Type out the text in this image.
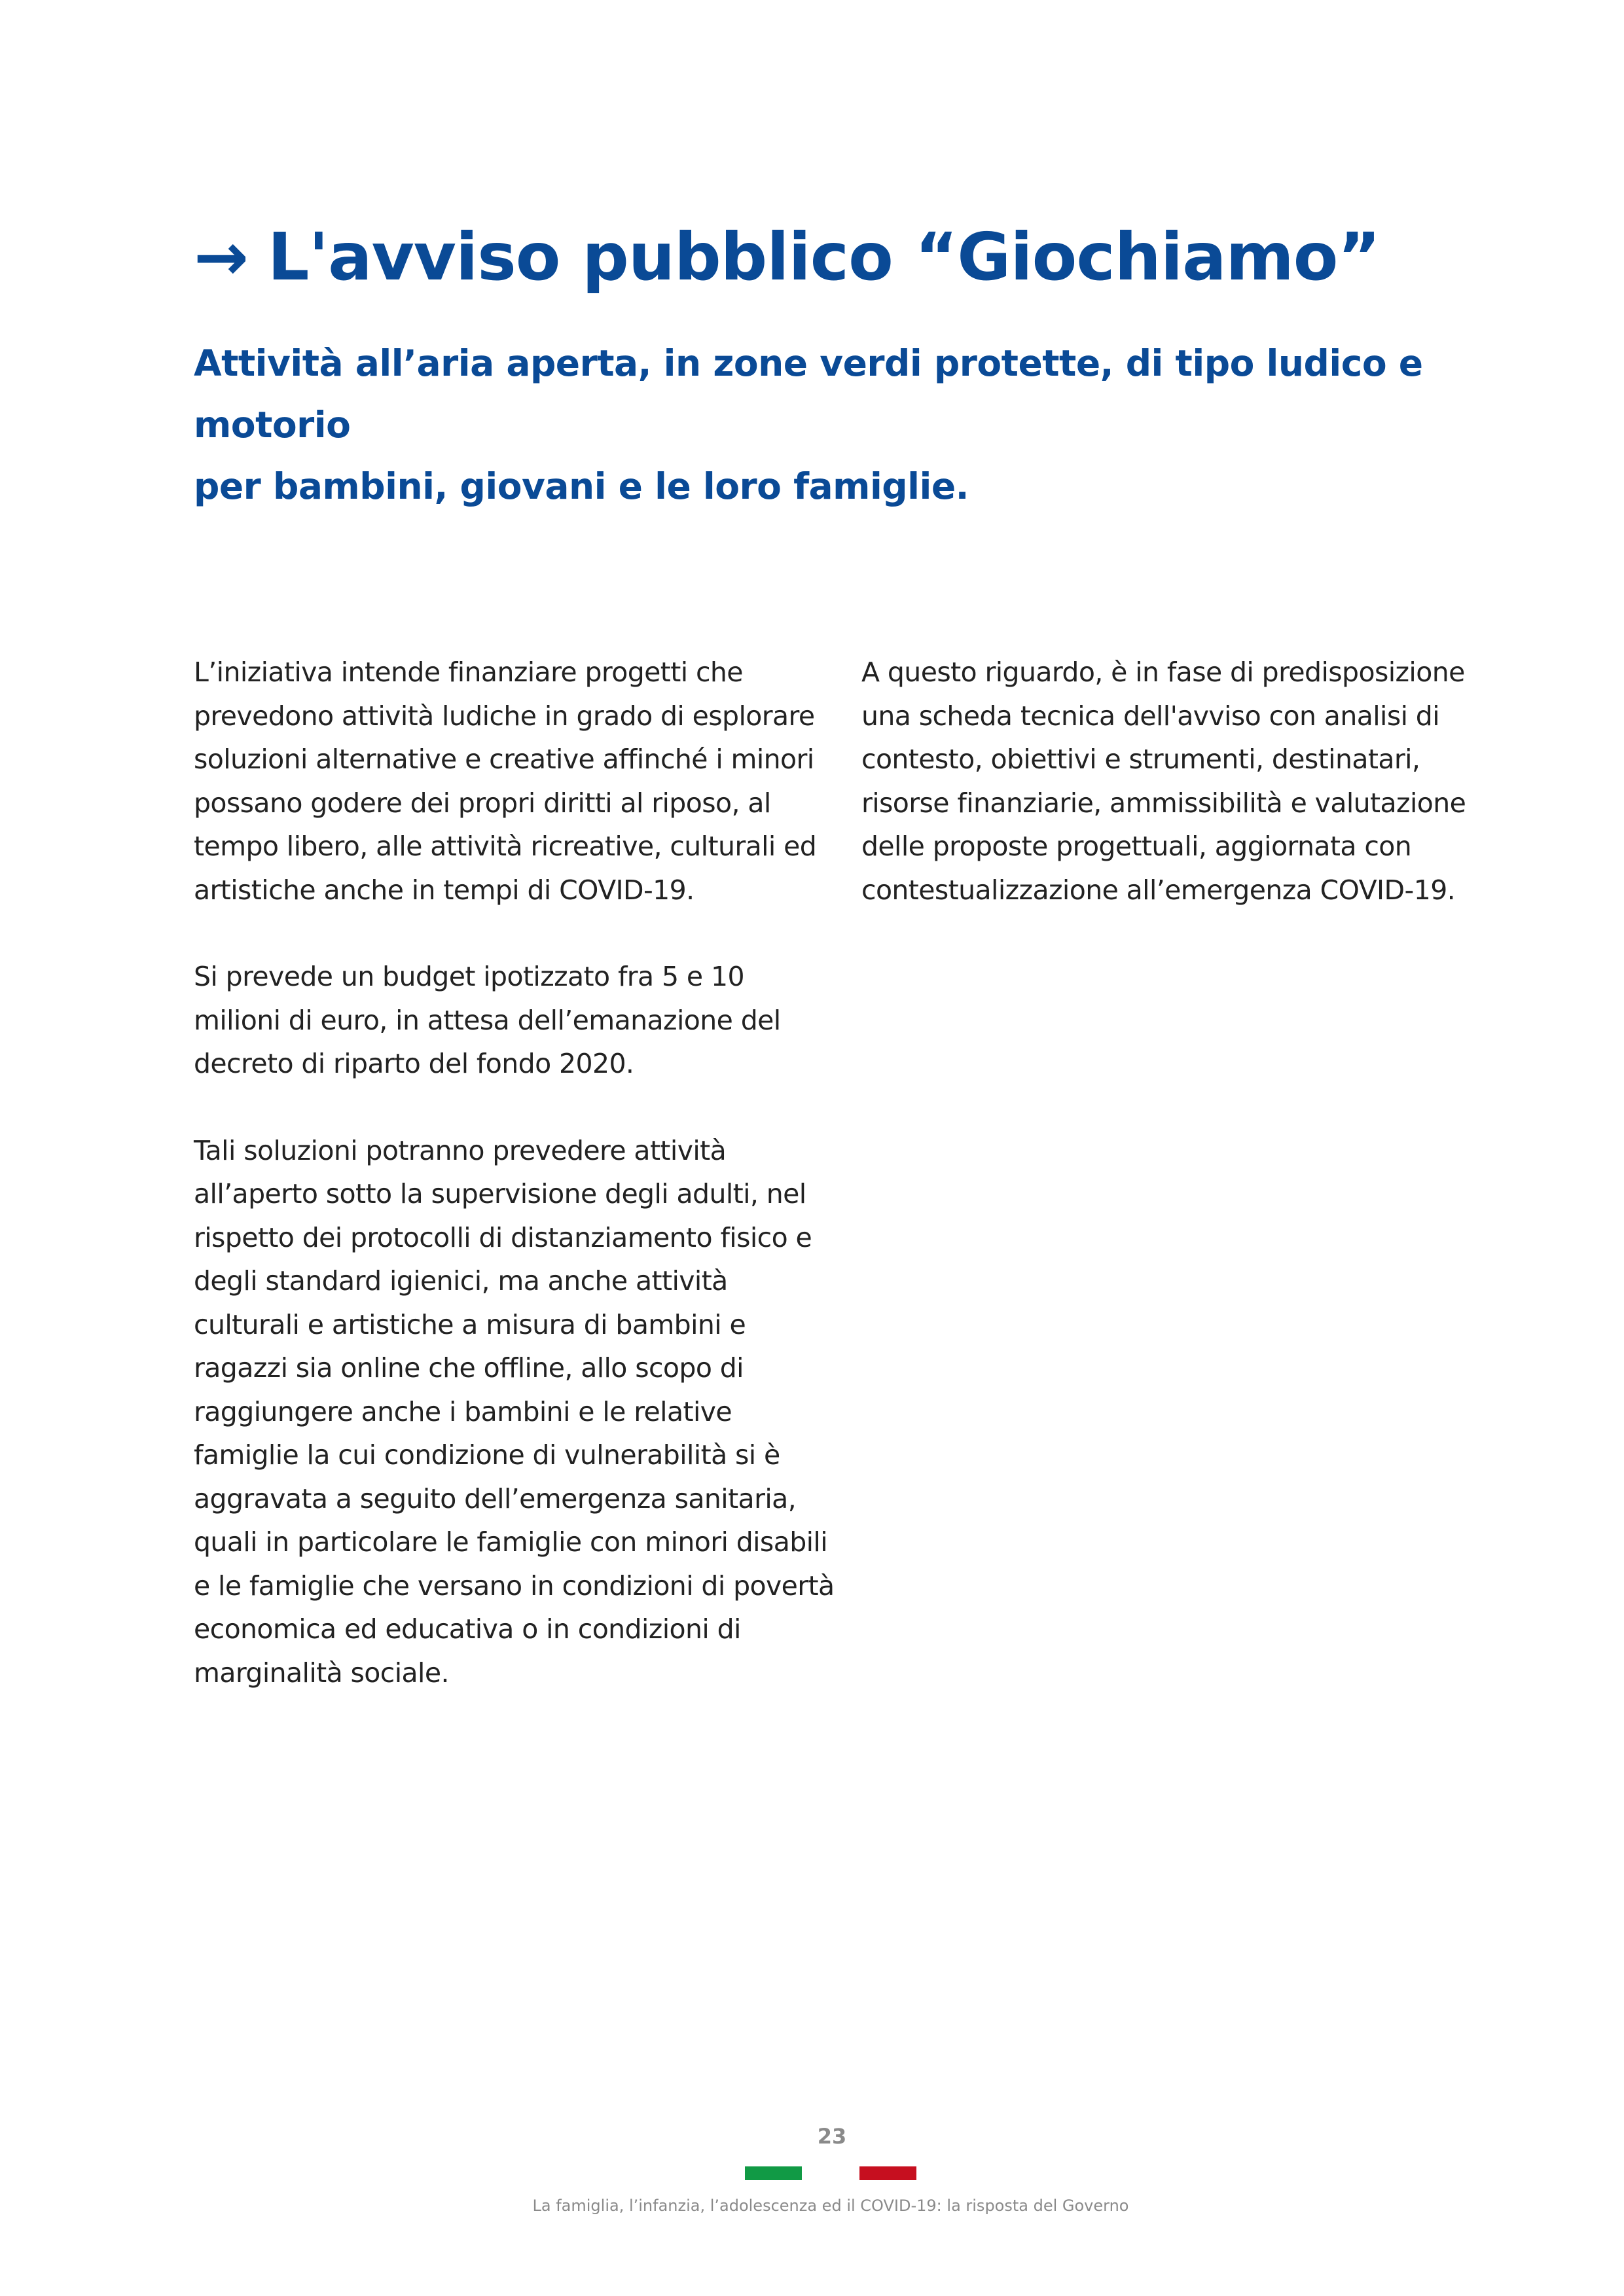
→ L'avviso pubblico “Giochiamo”
Attività all’aria aperta, in zone verdi protette, di tipo ludico e motorio
per bambini, giovani e le loro famiglie.

L’iniziativa intende finanziare progetti che
prevedono attività ludiche in grado di esplorare
soluzioni alternative e creative affinché i minori
possano godere dei propri diritti al riposo, al
tempo libero, alle attività ricreative, culturali ed
artistiche anche in tempi di COVID-19.

Si prevede un budget ipotizzato fra 5 e 10
milioni di euro, in attesa dell’emanazione del
decreto di riparto del fondo 2020.

Tali soluzioni potranno prevedere attività
all’aperto sotto la supervisione degli adulti, nel
rispetto dei protocolli di distanziamento fisico e
degli standard igienici, ma anche attività
culturali e artistiche a misura di bambini e
ragazzi sia online che offline, allo scopo di
raggiungere anche i bambini e le relative
famiglie la cui condizione di vulnerabilità si è
aggravata a seguito dell’emergenza sanitaria,
quali in particolare le famiglie con minori disabili
e le famiglie che versano in condizioni di povertà
economica ed educativa o in condizioni di
marginalità sociale.

A questo riguardo, è in fase di predisposizione
una scheda tecnica dell'avviso con analisi di
contesto, obiettivi e strumenti, destinatari,
risorse finanziarie, ammissibilità e valutazione
delle proposte progettuali, aggiornata con
contestualizzazione all’emergenza COVID-19.

23
La famiglia, l’infanzia, l’adolescenza ed il COVID-19: la risposta del Governo
